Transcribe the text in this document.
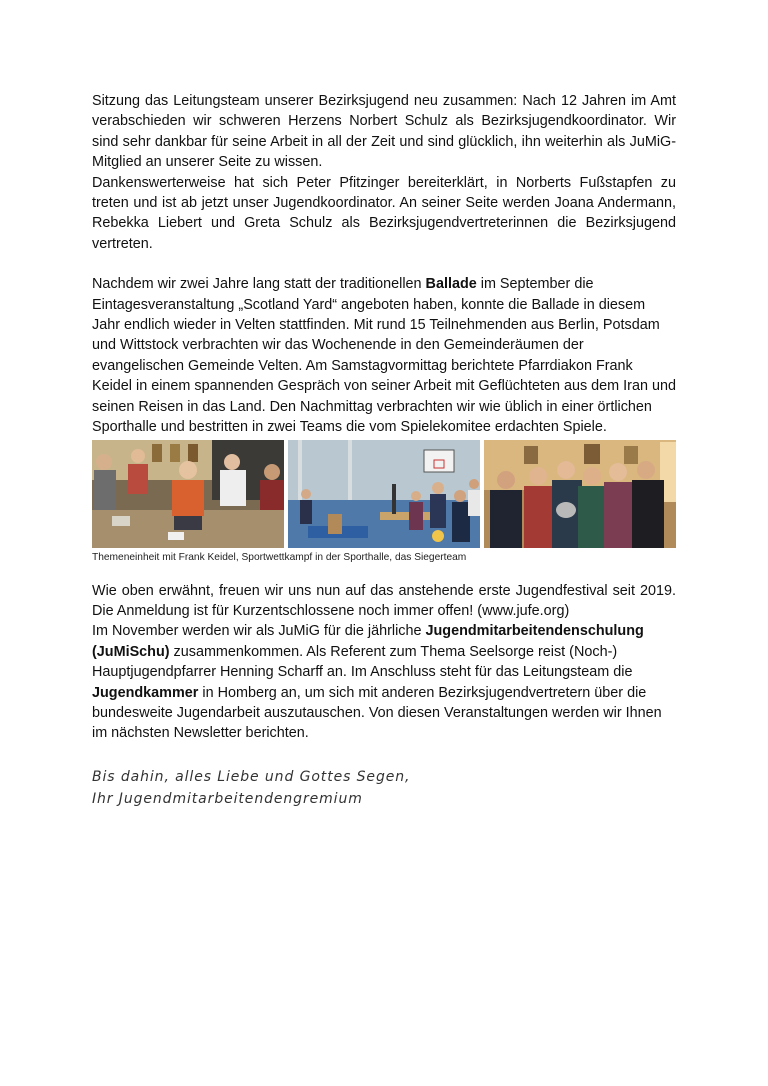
Sitzung das Leitungsteam unserer Bezirksjugend neu zusammen: Nach 12 Jahren im Amt verabschieden wir schweren Herzens Norbert Schulz als Bezirksjugendkoordinator. Wir sind sehr dankbar für seine Arbeit in all der Zeit und sind glücklich, ihn weiterhin als JuMiG-Mitglied an unserer Seite zu wissen.

Dankenswerterweise hat sich Peter Pfitzinger bereiterklärt, in Norberts Fußstapfen zu treten und ist ab jetzt unser Jugendkoordinator. An seiner Seite werden Joana Andermann, Rebekka Liebert und Greta Schulz als Bezirksjugendvertreterinnen die Bezirksjugend vertreten.

Nachdem wir zwei Jahre lang statt der traditionellen Ballade im September die Eintagesveranstaltung „Scotland Yard“ angeboten haben, konnte die Ballade in diesem Jahr endlich wieder in Velten stattfinden. Mit rund 15 Teilnehmenden aus Berlin, Potsdam und Wittstock verbrachten wir das Wochenende in den Gemeinderäumen der evangelischen Gemeinde Velten. Am Samstagvormittag berichtete Pfarrdiakon Frank Keidel in einem spannenden Gespräch von seiner Arbeit mit Geflüchteten aus dem Iran und seinen Reisen in das Land. Den Nachmittag verbrachten wir wie üblich in einer örtlichen Sporthalle und bestritten in zwei Teams die vom Spielekomitee erdachten Spiele.

Themeneinheit mit Frank Keidel, Sportwettkampf in der Sporthalle, das Siegerteam

Wie oben erwähnt, freuen wir uns nun auf das anstehende erste Jugendfestival seit 2019. Die Anmeldung ist für Kurzentschlossene noch immer offen! (www.jufe.org)

Im November werden wir als JuMiG für die jährliche Jugendmitarbeitendenschulung (JuMiSchu) zusammenkommen. Als Referent zum Thema Seelsorge reist (Noch-) Hauptjugendpfarrer Henning Scharff an. Im Anschluss steht für das Leitungsteam die Jugendkammer in Homberg an, um sich mit anderen Bezirksjugendvertretern über die bundesweite Jugendarbeit auszutauschen. Von diesen Veranstaltungen werden wir Ihnen im nächsten Newsletter berichten.

Bis dahin, alles Liebe und Gottes Segen,
Ihr Jugendmitarbeitendengremium
